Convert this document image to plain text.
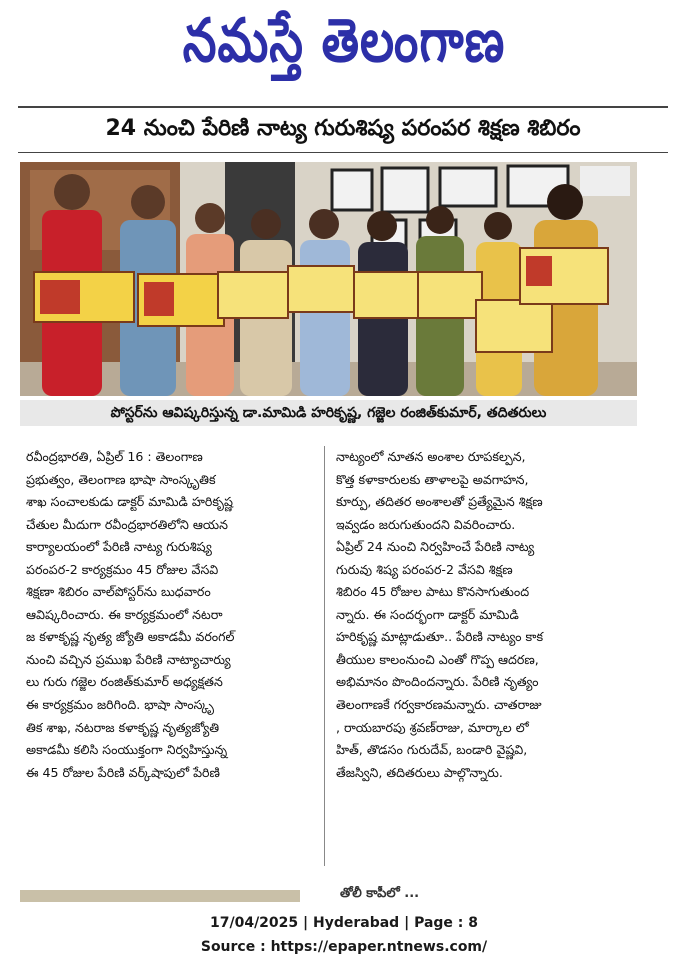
నమస్తే తెలంగాణ
24 నుంచి పేరిణి నాట్య గురుశిష్య పరంపర శిక్షణ శిబిరం
పోస్టర్‌ను ఆవిష్కరిస్తున్న డా.మామిడి హరికృష్ణ, గజ్జెల రంజిత్‌కుమార్, తదితరులు
రవీంద్రభారతి, ఏప్రిల్ 16 : తెలంగాణ
ప్రభుత్వం, తెలంగాణ భాషా సాంస్కృతిక
శాఖ సంచాలకుడు డాక్టర్ మామిడి హరికృష్ణ
చేతుల మీదుగా రవీంద్రభారతిలోని ఆయన
కార్యాలయంలో పేరిణి నాట్య గురుశిష్య
పరంపర-2 కార్యక్రమం 45 రోజుల వేసవి
శిక్షణా శిబిరం వాల్‌పోస్టర్‌ను బుధవారం
ఆవిష్కరించారు. ఈ కార్యక్రమంలో నటరా
జ కళాకృష్ణ నృత్య జ్యోతి అకాడమీ వరంగల్
నుంచి వచ్చిన ప్రముఖ పేరిణి నాట్యాచార్యు
లు గురు గజ్జెల రంజిత్‌కుమార్ అధ్యక్షతన
ఈ కార్యక్రమం జరిగింది. భాషా సాంస్కృ
తిక శాఖ, నటరాజ కళాకృష్ణ నృత్యజ్యోతి
అకాడమీ కలిసి సంయుక్తంగా నిర్వహిస్తున్న
ఈ 45 రోజుల పేరిణి వర్క్‌షాపులో పేరిణి
నాట్యంలో నూతన అంశాల రూపకల్పన,
కొత్త కళాకారులకు తాళాలపై అవగాహన,
కూర్పు, తదితర అంశాలతో ప్రత్యేమైన శిక్షణ
ఇవ్వడం జరుగుతుందని వివరించారు.
ఏప్రిల్ 24 నుంచి నిర్వహించే పేరిణి నాట్య
గురువు శిష్య పరంపర-2 వేసవి శిక్షణ
శిబిరం 45 రోజుల పాటు కొనసాగుతుంద
న్నారు. ఈ సందర్భంగా డాక్టర్ మామిడి
హరికృష్ణ మాట్లాడుతూ.. పేరిణి నాట్యం కాక
తీయుల కాలంనుంచి ఎంతో గొప్ప ఆదరణ,
అభిమానం పొందిందన్నారు. పేరిణి నృత్యం
తెలంగాణకే గర్వకారణమన్నారు. చాతరాజు
, రాయబారపు శ్రవణ్‌రాజు, మార్కాల లో
హిత్, తొడసం గురుదేవ్, బండారి వైష్ణవి,
తేజస్విని, తదితరులు పాల్గొన్నారు.
తోలీ కాపీలో ...
17/04/2025 | Hyderabad | Page : 8
Source : https://epaper.ntnews.com/
